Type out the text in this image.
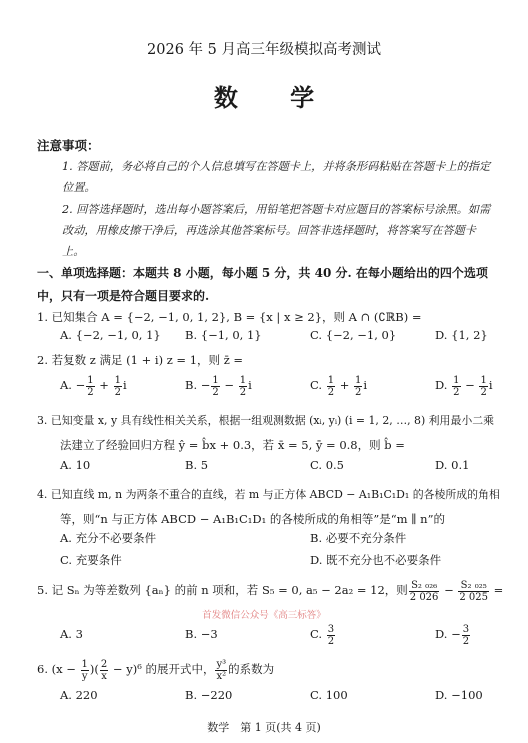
2026 年 5 月高三年级模拟高考测试
数 学
注意事项：
1. 答题前，务必将自己的个人信息填写在答题卡上，并将条形码粘贴在答题卡上的指定位置。
2. 回答选择题时，选出每小题答案后，用铅笔把答题卡对应题目的答案标号涂黑。如需改动，用橡皮擦干净后，再选涂其他答案标号。回答非选择题时，将答案写在答题卡上。
一、单项选择题：本题共 8 小题，每小题 5 分，共 40 分. 在每小题给出的四个选项中，只有一项是符合题目要求的.
1. 已知集合 A = {−2, −1, 0, 1, 2}, B = {x | x ≥ 2}，则 A ∩ (∁ℝB) =
A. {−2, −1, 0, 1} B. {−1, 0, 1}	C. {−2, −1, 0}	D. {1, 2}
2. 若复数 z 满足 (1 + i) z = 1，则 z̄ =
A. − $\frac{1}{2} + \frac{1}{2}$ i	B. − $\frac{1}{2} - \frac{1}{2}$ i	C. $\frac{1}{2} + \frac{1}{2}$ i	D. $\frac{1}{2} - \frac{1}{2}$ i
3. 已知变量 x, y 具有线性相关关系，根据一组观测数据 (xᵢ, yᵢ) (i = 1, 2, …, 8) 利用最小二乘
法建立了经验回归方程 ŷ = b̂x + 0.3，若 x̄ = 5, ȳ = 0.8，则 b̂ =
A. 10	B. 5	C. 0.5	D. 0.1
4. 已知直线 m, n 为两条不重合的直线，若 m 与正方体 ABCD − A₁B₁C₁D₁ 的各棱所成的角相
等，则“n 与正方体 ABCD − A₁B₁C₁D₁ 的各棱所成的角相等”是“m ∥ n”的
A. 充分不必要条件	B. 必要不充分条件
C. 充要条件	D. 既不充分也不必要条件
5. 记 Sₙ 为等差数列 {aₙ} 的前 n 项和，若 S₅ = 0, a₅ − 2a₂ = 12，则 $\frac{\text{S₂ ₀₂₆}}{2 026} - \frac{\text{S₂ ₀₂₅}}{2 025}$ =
首发微信公众号《高三标答》
A. 3	B. −3	C. $\frac{3}{2}$	D. − $\frac{3}{2}$
6. ($x - \frac{1}{y}$ )( $\frac{2}{x} - y)^6$ 的展开式中， $\frac{\text{y³}}{\text{x²}}$ 的系数为
A. 220	B. −220	C. 100	D. −100
数学　第 1 页(共 4 页)
